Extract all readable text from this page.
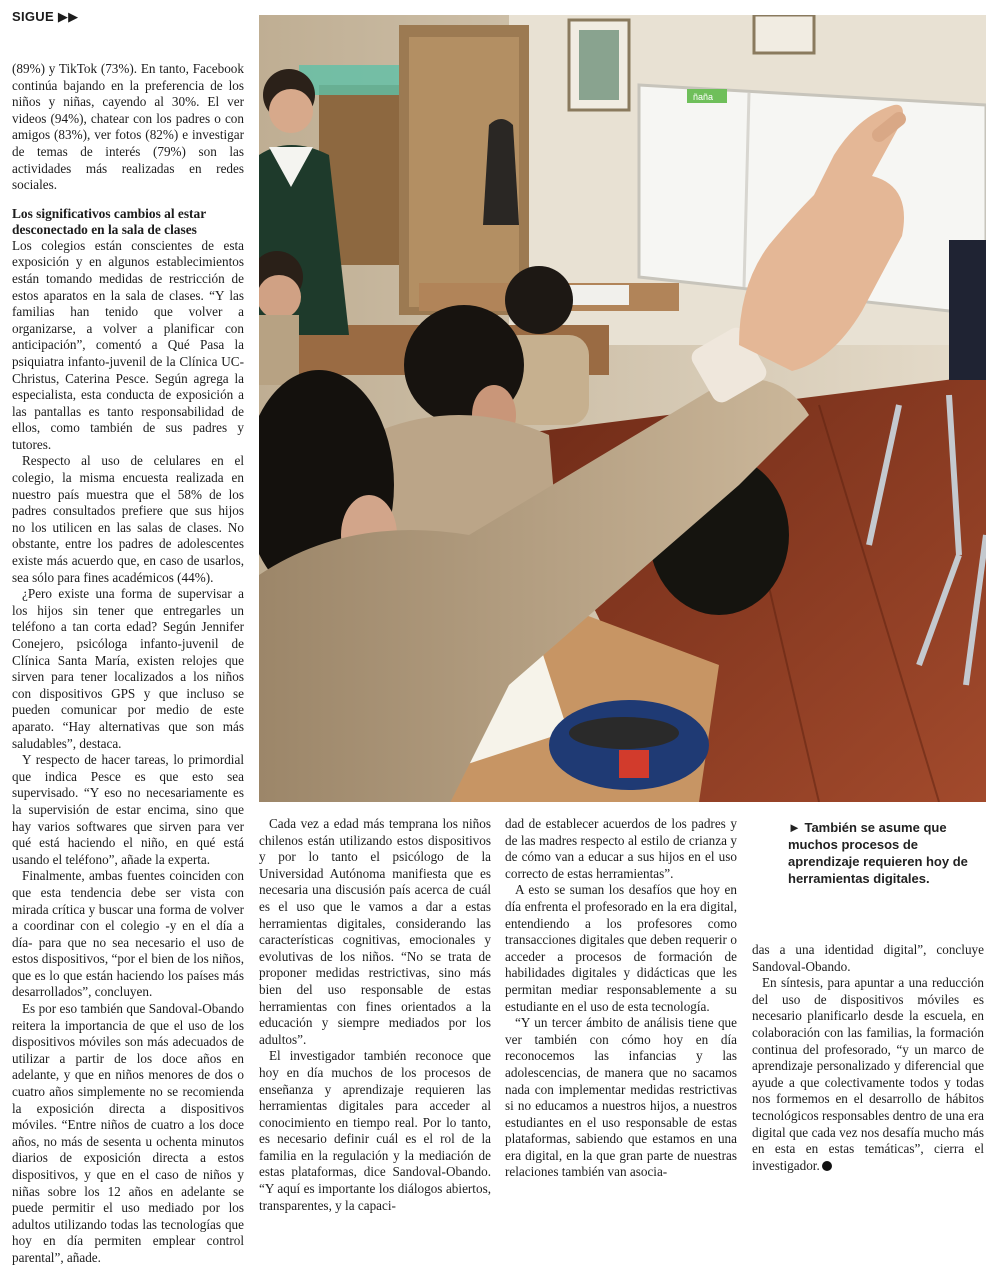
SIGUE ▶▶

(89%) y TikTok (73%). En tanto, Facebook continúa bajando en la preferencia de los niños y niñas, cayendo al 30%. El ver videos (94%), chatear con los padres o con amigos (83%), ver fotos (82%) e investigar de temas de interés (79%) son las actividades más realizadas en redes sociales.

Los significativos cambios al estar desconectado en la sala de clases

Los colegios están conscientes de esta exposición y en algunos establecimientos están tomando medidas de restricción de estos aparatos en la sala de clases. “Y las familias han tenido que volver a organizarse, a volver a planificar con anticipación”, comentó a Qué Pasa la psiquiatra infanto-juvenil de la Clínica UC-Christus, Caterina Pesce. Según agrega la especialista, esta conducta de exposición a las pantallas es tanto responsabilidad de ellos, como también de sus padres y tutores.

Respecto al uso de celulares en el colegio, la misma encuesta realizada en nuestro país muestra que el 58% de los padres consultados prefiere que sus hijos no los utilicen en las salas de clases. No obstante, entre los padres de adolescentes existe más acuerdo que, en caso de usarlos, sea sólo para fines académicos (44%).

¿Pero existe una forma de supervisar a los hijos sin tener que entregarles un teléfono a tan corta edad? Según Jennifer Conejero, psicóloga infanto-juvenil de Clínica Santa María, existen relojes que sirven para tener localizados a los niños con dispositivos GPS y que incluso se pueden comunicar por medio de este aparato. “Hay alternativas que son más saludables”, destaca.

Y respecto de hacer tareas, lo primordial que indica Pesce es que esto sea supervisado. “Y eso no necesariamente es la supervisión de estar encima, sino que hay varios softwares que sirven para ver qué está haciendo el niño, en qué está usando el teléfono”, añade la experta.

Finalmente, ambas fuentes coinciden con que esta tendencia debe ser vista con mirada crítica y buscar una forma de volver a coordinar con el colegio -y en el día a día- para que no sea necesario el uso de estos dispositivos, “por el bien de los niños, que es lo que están haciendo los países más desarrollados”, concluyen.

Es por eso también que Sandoval-Obando reitera la importancia de que el uso de los dispositivos móviles son más adecuados de utilizar a partir de los doce años en adelante, y que en niños menores de dos o cuatro años simplemente no se recomienda la exposición directa a dispositivos móviles. “Entre niños de cuatro a los doce años, no más de sesenta u ochenta minutos diarios de exposición directa a estos dispositivos, y que en el caso de niños y niñas sobre los 12 años en adelante se puede permitir el uso mediado por los adultos utilizando todas las tecnologías que hoy en día permiten emplear control parental”, añade.

ñaña

Cada vez a edad más temprana los niños chilenos están utilizando estos dispositivos y por lo tanto el psicólogo de la Universidad Autónoma manifiesta que es necesaria una discusión país acerca de cuál es el uso que le vamos a dar a estas herramientas digitales, considerando las características cognitivas, emocionales y evolutivas de los niños. “No se trata de proponer medidas restrictivas, sino más bien del uso responsable de estas herramientas con fines orientados a la educación y siempre mediados por los adultos”.

El investigador también reconoce que hoy en día muchos de los procesos de enseñanza y aprendizaje requieren las herramientas digitales para acceder al conocimiento en tiempo real. Por lo tanto, es necesario definir cuál es el rol de la familia en la regulación y la mediación de estas plataformas, dice Sandoval-Obando. “Y aquí es importante los diálogos abiertos, transparentes, y la capaci-

dad de establecer acuerdos de los padres y de las madres respecto al estilo de crianza y de cómo van a educar a sus hijos en el uso correcto de estas herramientas”.

A esto se suman los desafíos que hoy en día enfrenta el profesorado en la era digital, entendiendo a los profesores como transacciones digitales que deben requerir o acceder a procesos de formación de habilidades digitales y didácticas que les permitan mediar responsablemente a su estudiante en el uso de esta tecnología.

“Y un tercer ámbito de análisis tiene que ver también con cómo hoy en día reconocemos las infancias y las adolescencias, de manera que no sacamos nada con implementar medidas restrictivas si no educamos a nuestros hijos, a nuestros estudiantes en el uso responsable de estas plataformas, sabiendo que estamos en una era digital, en la que gran parte de nuestras relaciones también van asocia-

► También se asume que muchos procesos de aprendizaje requieren hoy de herramientas digitales.

das a una identidad digital”, concluye Sandoval-Obando.

En síntesis, para apuntar a una reducción del uso de dispositivos móviles es necesario planificarlo desde la escuela, en colaboración con las familias, la formación continua del profesorado, “y un marco de aprendizaje personalizado y diferencial que ayude a que colectivamente todos y todas nos formemos en el desarrollo de hábitos tecnológicos responsables dentro de una era digital que cada vez nos desafía mucho más en esta en estas temáticas”, cierra el investigador.
